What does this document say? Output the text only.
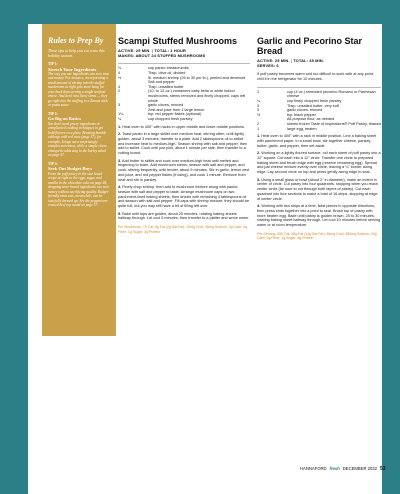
Rules to Prep By

These tips to help you cut costs this holiday season.

TIP 1:
Stretch Your Ingredients
The way you use ingredients can save time and money. For instance, incorporating a small amount of shrimp into the stuffed mushrooms at right gets more bang for your buck than serving a single seafood entree. And don't toss those stems — they go right into the stuffing to a Zanaxt stick or pasta sauce.
TIP 2:
Go Big on Basics
You don't need pricey ingredients or complicated cooking techniques to get bold flavors on a plate. Braising humble cabbage with red wine (page 37), for example, brings out a surprisingly complex sweetness, while a simple citrus vinaigrette adds zing to the barley salad on page 57.
TIP 3:
Seek Out Budget Buys
From the puff pastry in the star bread recipe at right to the eggs, sugar, and vanilla in the chocolate cake on page 48, shopping store-brand ingredients can save money without sacrificing quality. Budget-friendly meat cuts, meanwhile, can be tastefully dressed up: See the peppercorn-crusted beef top round on page 37.
Scampi Stuffed Mushrooms
ACTIVE: 25 MIN. | TOTAL: 1 HOUR
MAKES: ABOUT 24 STUFFED MUSHROOMS
¼	cup panko breadcrumbs
4	Tbsp. olive oil, divided
½	lb. medium shrimp (26 to 30 per lb.), peeled and deveined
Salt and pepper
4	Tbsp. unsalted butter
2	(10- to 12-oz.) containers baby bella or white button mushrooms, stems removed and finely chopped, caps left whole
3	garlic cloves, minced
Zest and juice from 1 large lemon
1¼	tsp. red pepper flakes (optional)
¼	cup chopped fresh parsley

1. Heat oven to 400° with racks in upper-middle and lower-middle positions.

2. Toast panko in a large skillet over medium heat, stirring often, until lightly golden, about 3 minutes; transfer to a plate. Add 2 tablespoons oil to skillet and increase heat to medium-high. Season shrimp with salt and pepper, then add to skillet. Cook until just pink, about 1 minute per side, then transfer to a cutting board.

3. Add butter to skillet and cook over medium-high heat until melted and beginning to foam. Add mushroom stems, season with salt and pepper, and cook, stirring frequently, until tender, about 5 minutes. Stir in garlic, lemon zest and juice, and red pepper flakes (if using), and cook 1 minute. Remove from heat and stir in parsley.

4. Finely chop shrimp, then add to mushroom mixture along with panko; season with salt and pepper to taste. Arrange mushroom caps on two parchment-lined baking sheets, then drizzle with remaining 4 tablespoons oil and season with salt and pepper. Fill caps with shrimp mixture; they should be quite full, but you may still have a bit of filling left over.

5. Bake until tops are golden, about 25 minutes, rotating baking sheets halfway through. Let cool 5 minutes, then transfer to a platter and serve warm.

Per Mushroom: 70 Cal; 5g Fat (2g Sat Fat); 15mg Chol; 45mg Sodium; 4g Carb; 0g Fiber; 1g Sugar; 2g Protein
Garlic and Pecorino Star Bread
ACTIVE: 25 MIN. | TOTAL: 45 MIN.
SERVES: 6

If puff pastry becomes warm and too difficult to work with at any point, chill it in the refrigerator for 10 minutes.

1	cup (4 oz.) shredded pecorino Romano or Parmesan cheese
¼	cup finely chopped fresh parsley
3	Tbsp. unsalted butter, very soft
3	garlic cloves, minced
½	tsp. black pepper
All-purpose flour, as needed
2	sheets frozen Taste of Inspirations® Puff Pastry, thawed
1	large egg, beaten

1. Heat oven to 400° with a rack in middle position. Line a baking sheet with parchment paper. In a small bowl, stir together cheese, parsley, butter, garlic, and pepper, then set aside.

2. Working on a lightly floured surface, roll each sheet of puff pastry into a 12" square. Cut each into a 12" circle. Transfer one circle to prepared baking sheet and brush edge with egg (reserve remaining egg). Spread and pat cheese mixture evenly over circle, leaving a ¼" border along edge. Lay second circle on top and press gently along edge to seal.

3. Using a small glass or bowl (about 2" in diameter), make an indent in center of circle. Cut pastry into four quadrants, stopping when you reach center circle (be sure to cut through both layers of pastry). Cut each quadrant into four sections to make a total of 16 strips, stopping at edge of center circle.

4. Working with two strips at a time, twist pieces in opposite directions, then press ends together into a point to seal. Brush top of pastry with more beaten egg. Bake until pastry is golden brown, 25 to 30 minutes, rotating baking sheet halfway through. Let cool 10 minutes before serving warm or at room temperature.

Per Serving: 350 Cal; 28g Fat (14g Sat Fat); 50mg Chol; 350mg Sodium; 25g Carb; 0g Fiber; 1g Sugar; 8g Protein
HANNAFORD fresh DECEMBER 2022 53
